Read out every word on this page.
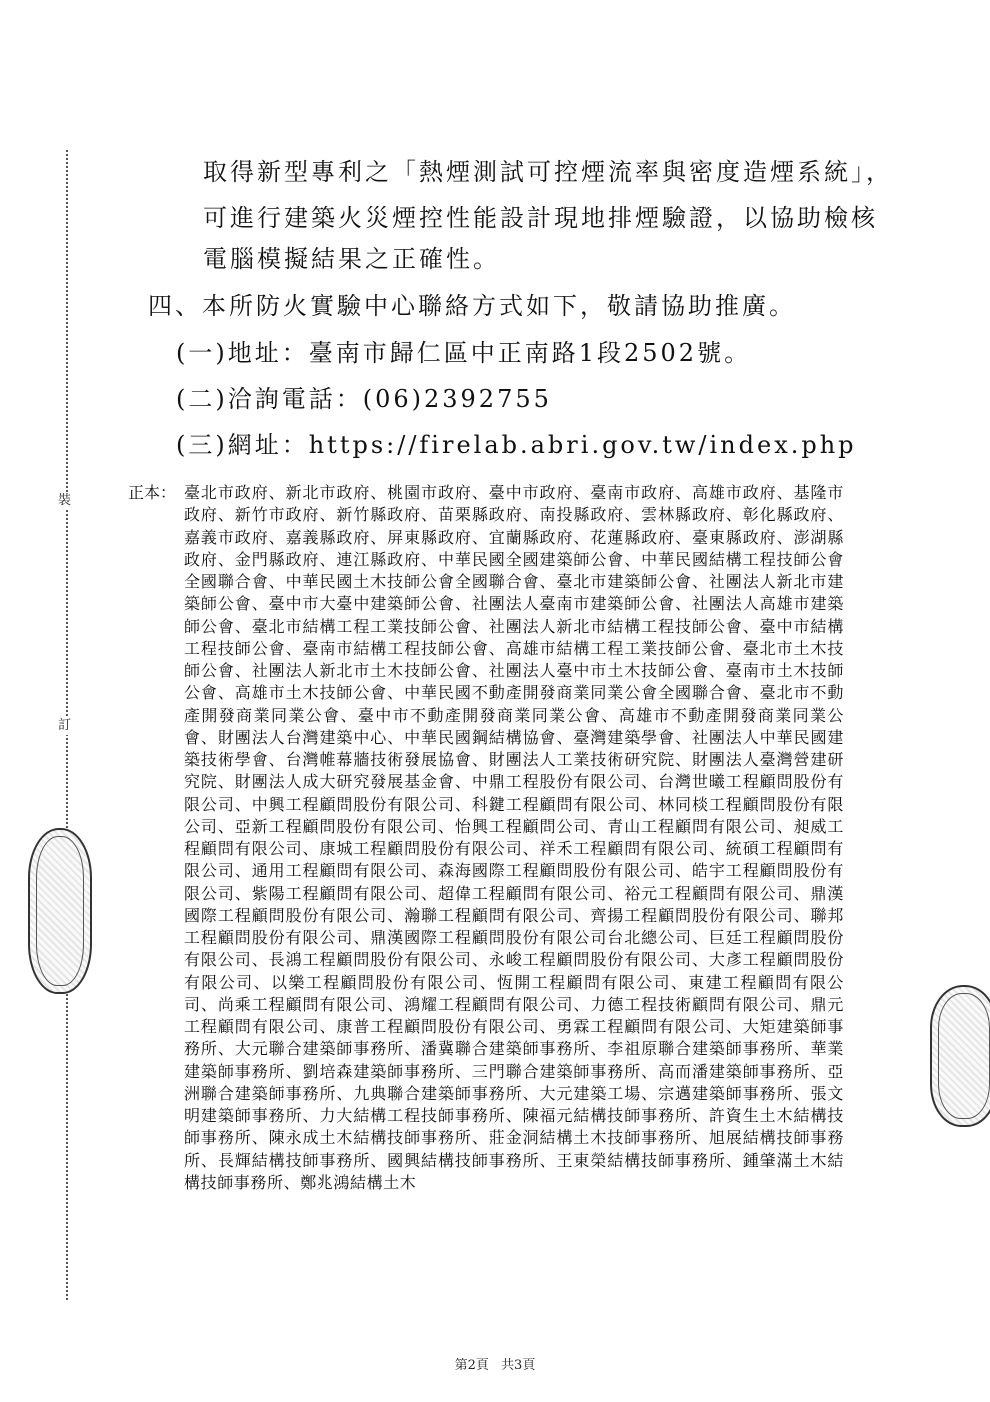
裝
訂
取得新型專利之「熱煙測試可控煙流率與密度造煙系統」，
可進行建築火災煙控性能設計現地排煙驗證，以協助檢核
電腦模擬結果之正確性。
四、本所防火實驗中心聯絡方式如下，敬請協助推廣。
(一)地址：臺南市歸仁區中正南路1段2502號。
(二)洽詢電話：(06)2392755
(三)網址：https://firelab.abri.gov.tw/index.php
正本： 臺北市政府、新北市政府、桃園市政府、臺中市政府、臺南市政府、高雄市政府、基隆市政府、新竹市政府、新竹縣政府、苗栗縣政府、南投縣政府、雲林縣政府、彰化縣政府、嘉義市政府、嘉義縣政府、屏東縣政府、宜蘭縣政府、花蓮縣政府、臺東縣政府、澎湖縣政府、金門縣政府、連江縣政府、中華民國全國建築師公會、中華民國結構工程技師公會全國聯合會、中華民國土木技師公會全國聯合會、臺北市建築師公會、社團法人新北市建築師公會、臺中市大臺中建築師公會、社團法人臺南市建築師公會、社團法人高雄市建築師公會、臺北市結構工程工業技師公會、社團法人新北市結構工程技師公會、臺中市結構工程技師公會、臺南市結構工程技師公會、高雄市結構工程工業技師公會、臺北市土木技師公會、社團法人新北市土木技師公會、社團法人臺中市土木技師公會、臺南市土木技師公會、高雄市土木技師公會、中華民國不動產開發商業同業公會全國聯合會、臺北市不動產開發商業同業公會、臺中市不動產開發商業同業公會、高雄市不動產開發商業同業公會、財團法人台灣建築中心、中華民國鋼結構協會、臺灣建築學會、社團法人中華民國建築技術學會、台灣帷幕牆技術發展協會、財團法人工業技術研究院、財團法人臺灣營建研究院、財團法人成大研究發展基金會、中鼎工程股份有限公司、台灣世曦工程顧問股份有限公司、中興工程顧問股份有限公司、科鍵工程顧問有限公司、林同棪工程顧問股份有限公司、亞新工程顧問股份有限公司、怡興工程顧問公司、青山工程顧問有限公司、昶威工程顧問有限公司、康城工程顧問股份有限公司、祥禾工程顧問有限公司、統碩工程顧問有限公司、通用工程顧問有限公司、森海國際工程顧問股份有限公司、皓宇工程顧問股份有限公司、紫陽工程顧問有限公司、超偉工程顧問有限公司、裕元工程顧問有限公司、鼎漢國際工程顧問股份有限公司、瀚聯工程顧問有限公司、齊揚工程顧問股份有限公司、聯邦工程顧問股份有限公司、鼎漢國際工程顧問股份有限公司台北總公司、巨廷工程顧問股份有限公司、長鴻工程顧問股份有限公司、永峻工程顧問股份有限公司、大彥工程顧問股份有限公司、以樂工程顧問股份有限公司、恆開工程顧問有限公司、東建工程顧問有限公司、尚乘工程顧問有限公司、鴻耀工程顧問有限公司、力德工程技術顧問有限公司、鼎元工程顧問有限公司、康普工程顧問股份有限公司、勇霖工程顧問有限公司、大矩建築師事務所、大元聯合建築師事務所、潘冀聯合建築師事務所、李祖原聯合建築師事務所、華業建築師事務所、劉培森建築師事務所、三門聯合建築師事務所、高而潘建築師事務所、亞洲聯合建築師事務所、九典聯合建築師事務所、大元建築工場、宗邁建築師事務所、張文明建築師事務所、力大結構工程技師事務所、陳福元結構技師事務所、許資生土木結構技師事務所、陳永成土木結構技師事務所、莊金洞結構土木技師事務所、旭展結構技師事務所、長輝結構技師事務所、國興結構技師事務所、王東榮結構技師事務所、鍾肇滿土木結構技師事務所、鄭兆鴻結構土木
第2頁 共3頁
